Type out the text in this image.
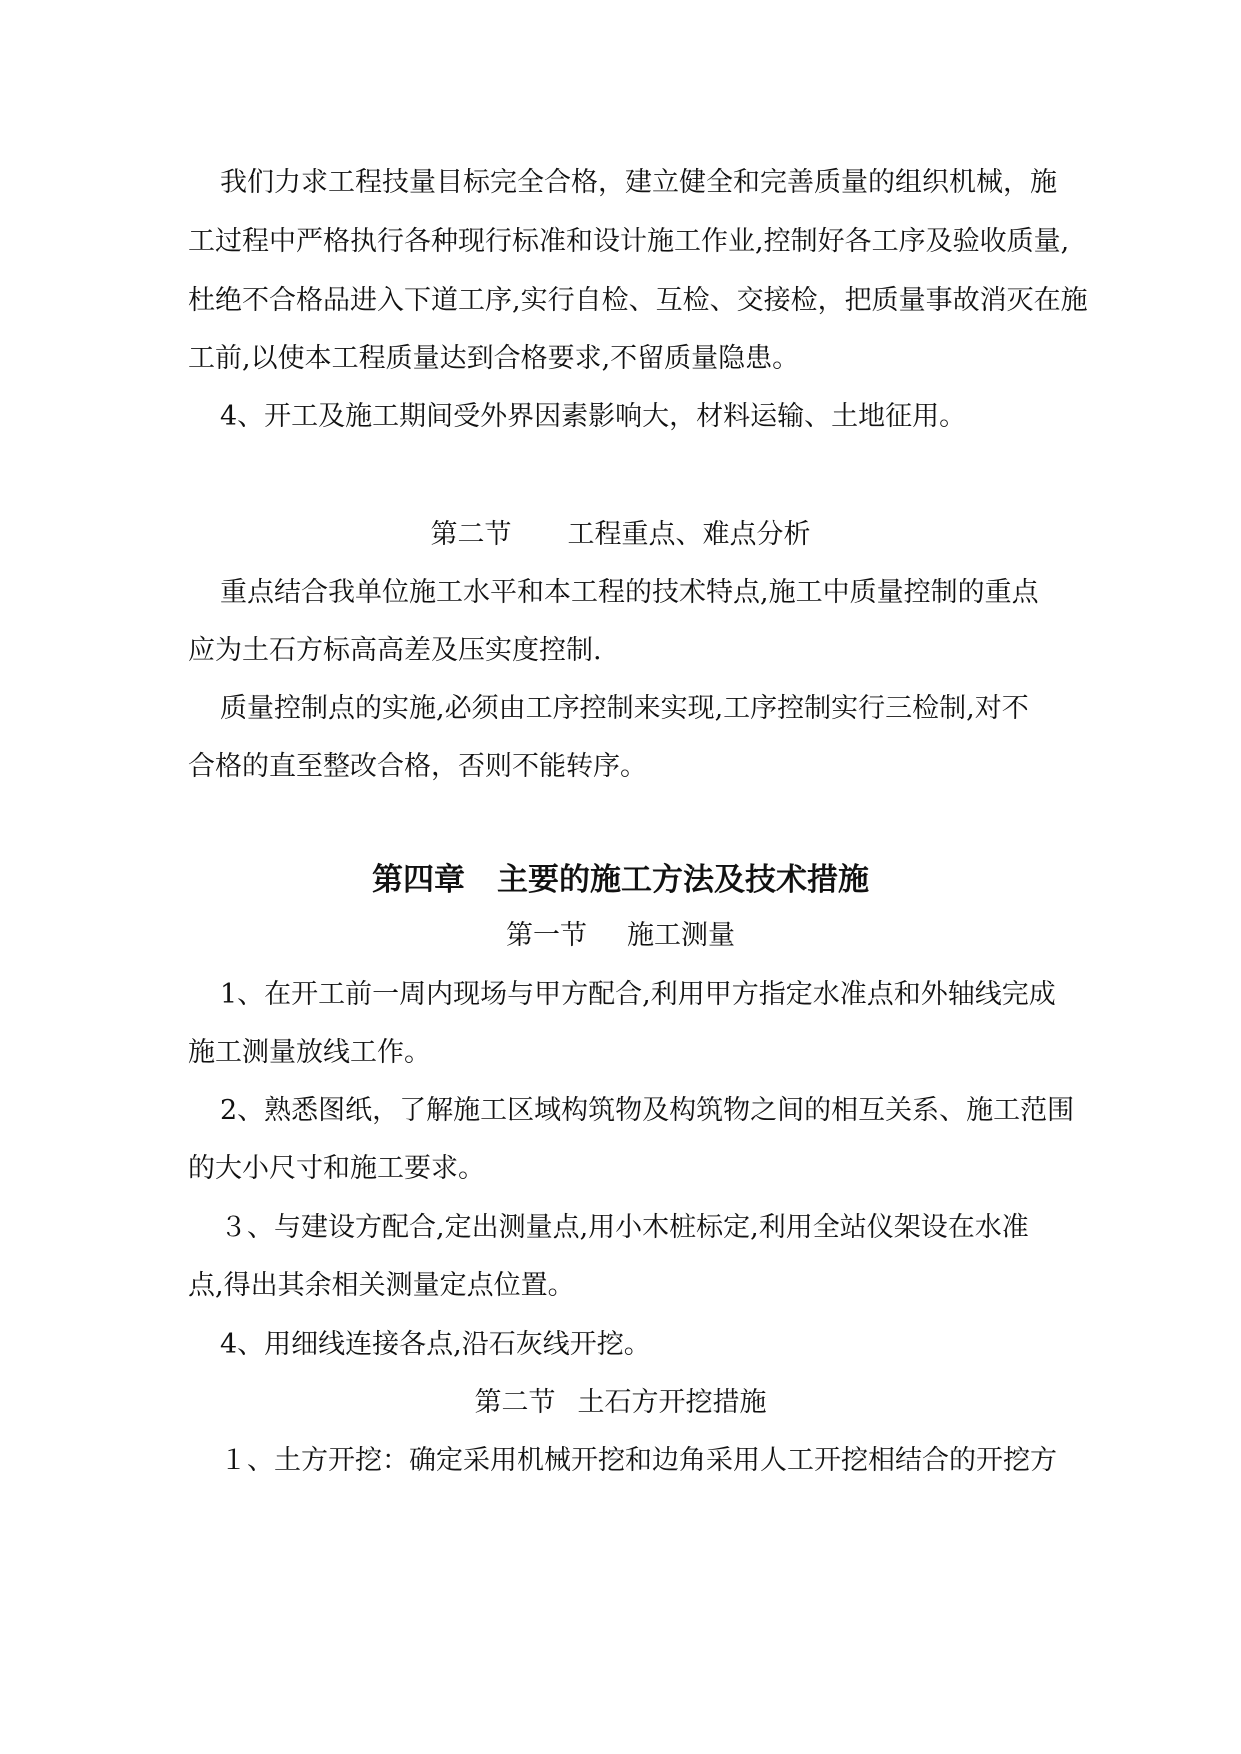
我们力求工程技量目标完全合格，建立健全和完善质量的组织机械，施
工过程中严格执行各种现行标准和设计施工作业,控制好各工序及验收质量,
杜绝不合格品进入下道工序,实行自检、互检、交接检，把质量事故消灭在施
工前,以使本工程质量达到合格要求,不留质量隐患。
4、开工及施工期间受外界因素影响大，材料运输、土地征用。
第二节 工程重点、难点分析
重点结合我单位施工水平和本工程的技术特点,施工中质量控制的重点
应为土石方标高高差及压实度控制.
质量控制点的实施,必须由工序控制来实现,工序控制实行三检制,对不
合格的直至整改合格，否则不能转序。
第四章 主要的施工方法及技术措施
第一节 施工测量
1、在开工前一周内现场与甲方配合,利用甲方指定水准点和外轴线完成
施工测量放线工作。
2、熟悉图纸，了解施工区域构筑物及构筑物之间的相互关系、施工范围
的大小尺寸和施工要求。
３、与建设方配合,定出测量点,用小木桩标定,利用全站仪架设在水准
点,得出其余相关测量定点位置。
4、用细线连接各点,沿石灰线开挖。
第二节 土石方开挖措施
１、土方开挖：确定采用机械开挖和边角采用人工开挖相结合的开挖方
